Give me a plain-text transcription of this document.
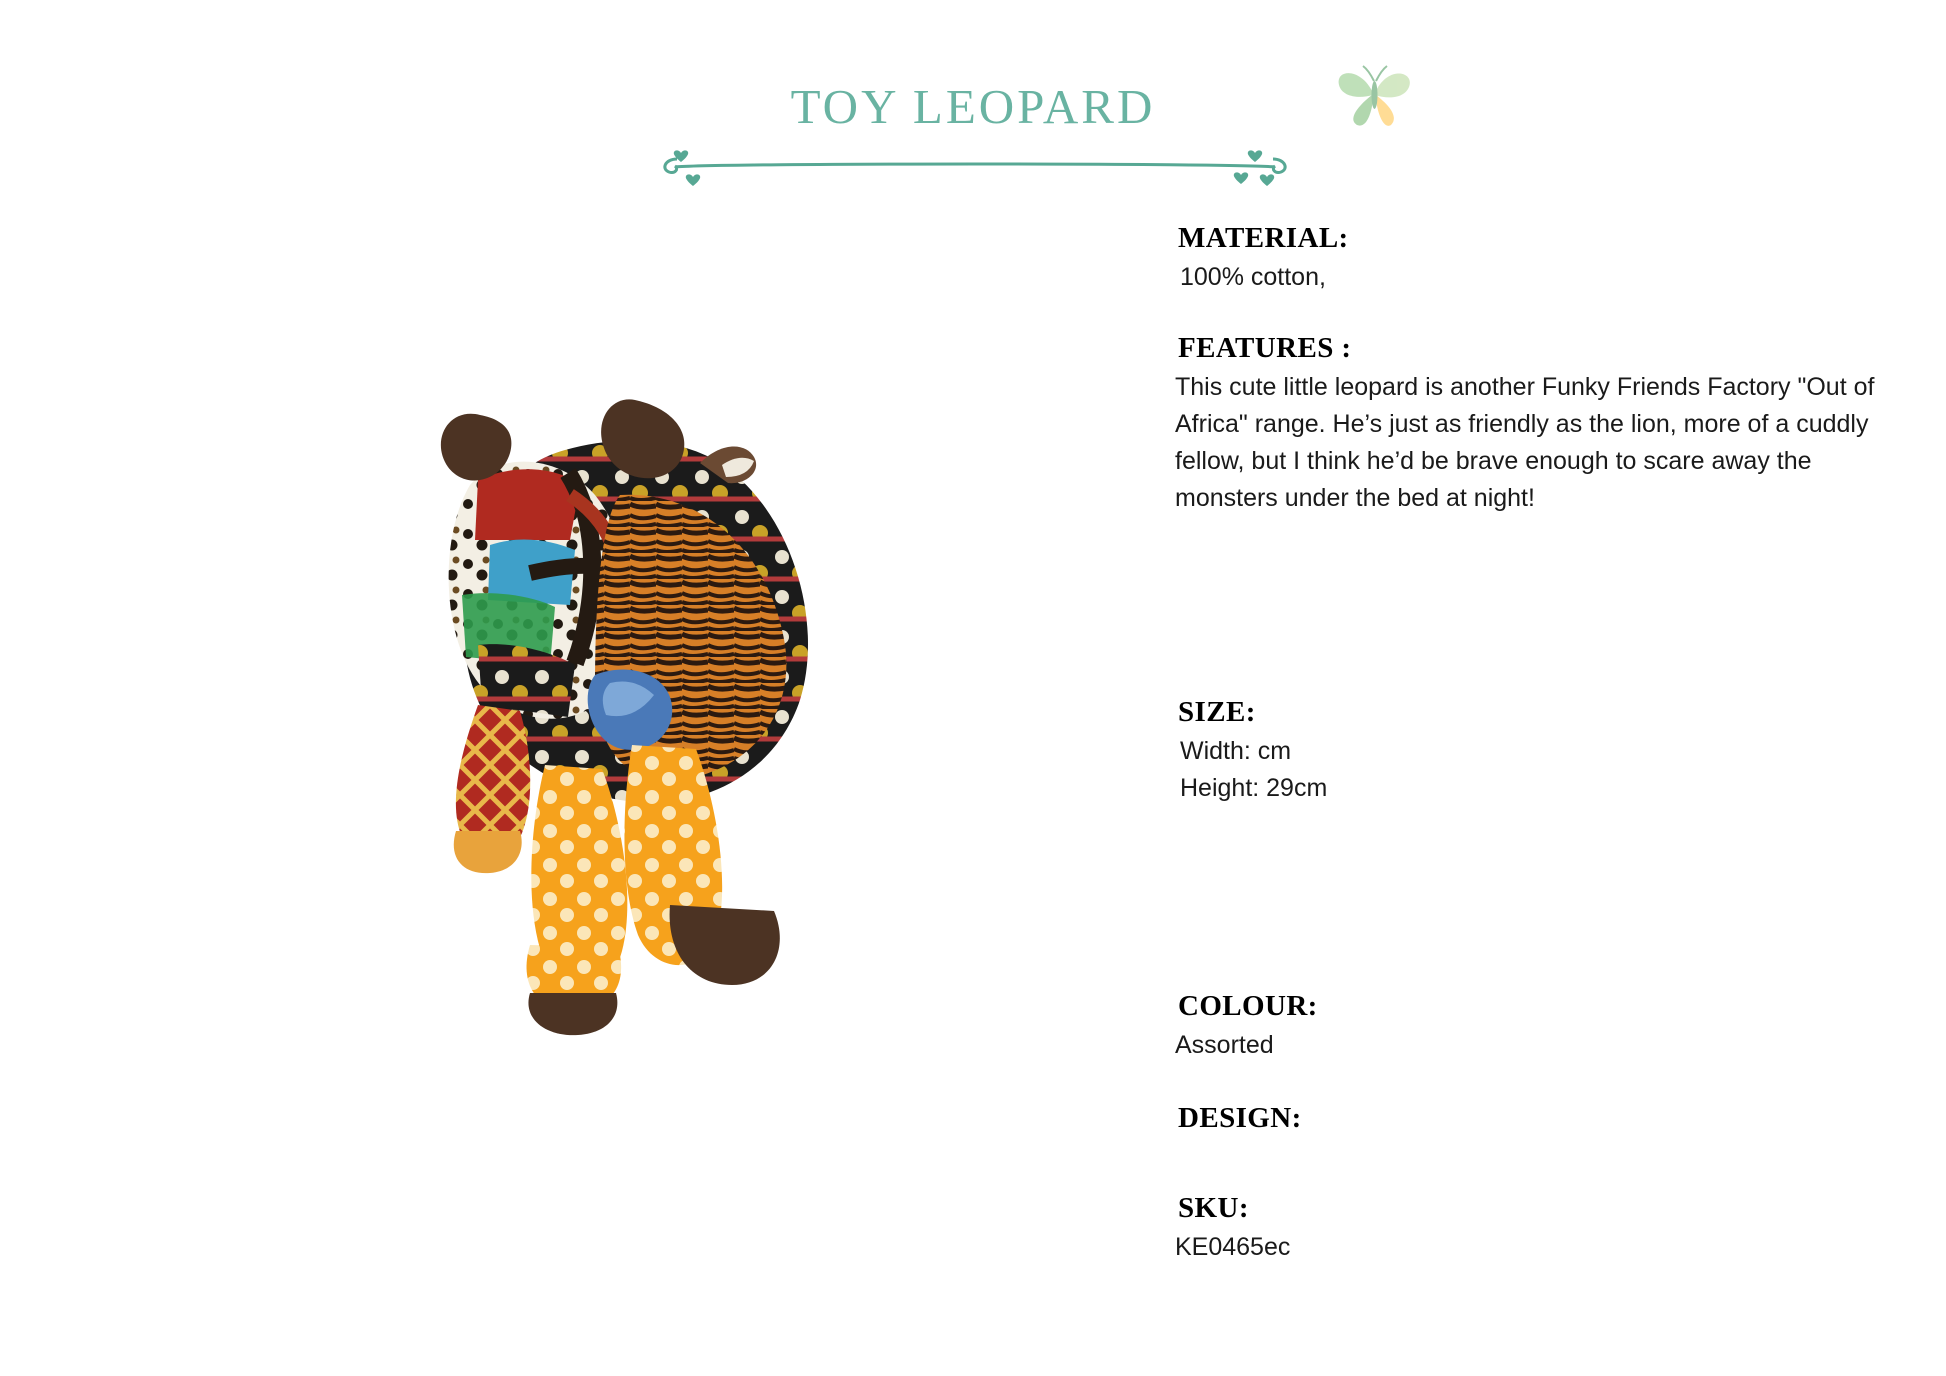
TOY LEOPARD
MATERIAL:

100% cotton,

FEATURES :

This cute little leopard is another Funky Friends Factory "Out of Africa" range. He’s just as friendly as the lion, more of a cuddly fellow, but I think he’d be brave enough to scare away the monsters under the bed at night!

SIZE:

Width: cm

Height: 29cm

COLOUR:

Assorted

DESIGN:

SKU:

KE0465ec
